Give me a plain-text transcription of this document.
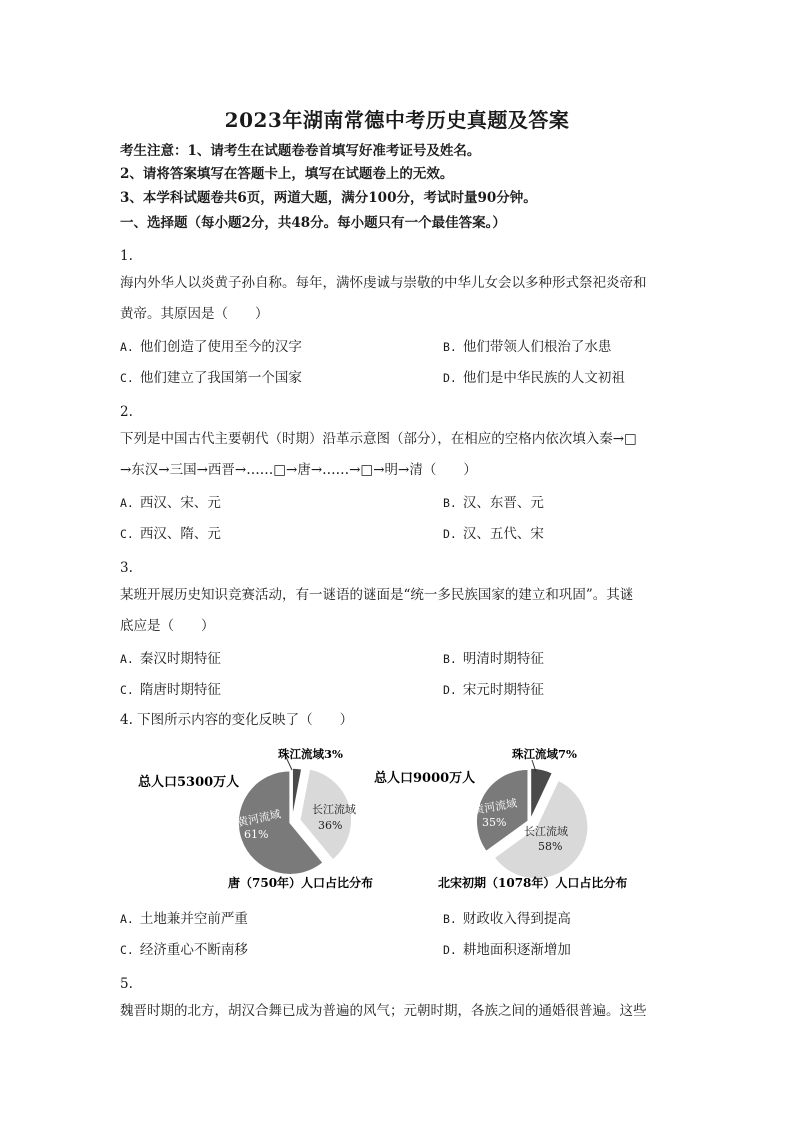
2023年湖南常德中考历史真题及答案
考生注意：1、请考生在试题卷卷首填写好准考证号及姓名。
2、请将答案填写在答题卡上，填写在试题卷上的无效。
3、本学科试题卷共6页，两道大题，满分100分，考试时量90分钟。
一、选择题（每小题2分，共48分。每小题只有一个最佳答案。）
1.
海内外华人以炎黄子孙自称。每年，满怀虔诚与崇敬的中华儿女会以多种形式祭祀炎帝和
黄帝。其原因是（　　）
A. 他们创造了使用至今的汉字	B. 他们带领人们根治了水患
C. 他们建立了我国第一个国家	D. 他们是中华民族的人文初祖
2.
下列是中国古代主要朝代（时期）沿革示意图（部分），在相应的空格内依次填入秦→□
→东汉→三国→西晋→……□→唐→……→□→明→清（　　）
A. 西汉、宋、元	B. 汉、东晋、元
C. 西汉、隋、元	D. 汉、五代、宋
3.
某班开展历史知识竞赛活动，有一谜语的谜面是“统一多民族国家的建立和巩固”。其谜
底应是（　　）
A. 秦汉时期特征	B. 明清时期特征
C. 隋唐时期特征	D. 宋元时期特征
4. 下图所示内容的变化反映了（　　）
总人口5300万人
珠江流域3%
长江流域
36%
黄河流域
61%
唐（750年）人口占比分布
总人口9000万人
珠江流域7%
长江流域
58%
黄河流域
35%
北宋初期（1078年）人口占比分布
A. 土地兼并空前严重	B. 财政收入得到提高
C. 经济重心不断南移	D. 耕地面积逐渐增加
5.
魏晋时期的北方，胡汉合舞已成为普遍的风气；元朝时期，各族之间的通婚很普遍。这些
